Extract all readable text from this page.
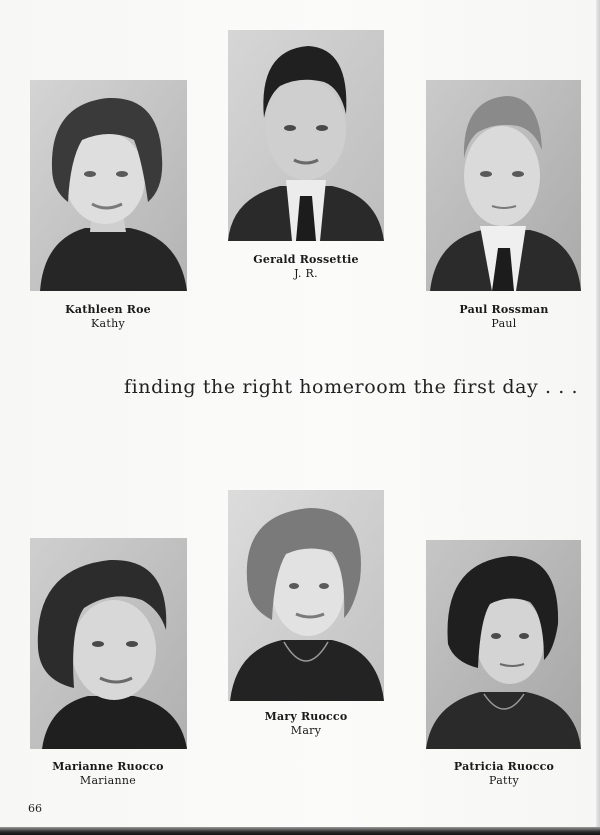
Kathleen Roe
Kathy
Gerald Rossettie
J. R.
Paul Rossman
Paul
finding the right homeroom the first day . . .
Marianne Ruocco
Marianne
Mary Ruocco
Mary
Patricia Ruocco
Patty
66
